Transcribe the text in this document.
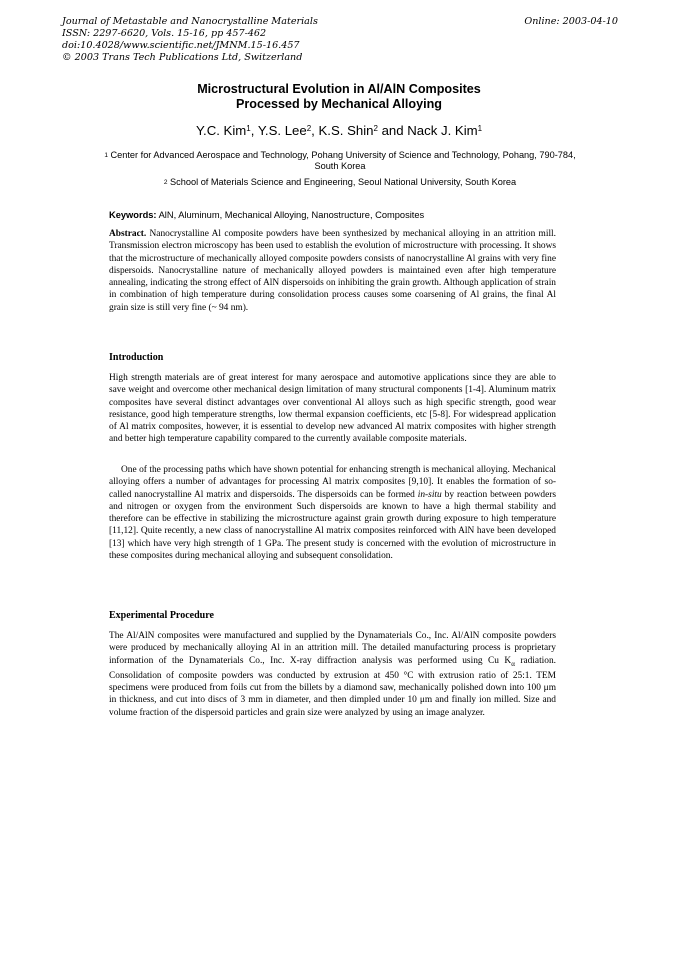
Journal of Metastable and Nanocrystalline Materials
ISSN: 2297-6620, Vols. 15-16, pp 457-462
doi:10.4028/www.scientific.net/JMNM.15-16.457
© 2003 Trans Tech Publications Ltd, Switzerland
Online: 2003-04-10
Microstructural Evolution in Al/AlN Composites
Processed by Mechanical Alloying
Y.C. Kim$^1$, Y.S. Lee$^2$, K.S. Shin$^2$ and Nack J. Kim$^1$
$^1$ Center for Advanced Aerospace and Technology, Pohang University of Science and Technology, Pohang, 790-784, South Korea
$^2$ School of Materials Science and Engineering, Seoul National University, South Korea
Keywords: AlN, Aluminum, Mechanical Alloying, Nanostructure, Composites
Abstract. Nanocrystalline Al composite powders have been synthesized by mechanical alloying in an attrition mill. Transmission electron microscopy has been used to establish the evolution of microstructure with processing. It shows that the microstructure of mechanically alloyed composite powders consists of nanocrystalline Al grains with very fine dispersoids. Nanocrystalline nature of mechanically alloyed powders is maintained even after high temperature annealing, indicating the strong effect of AlN dispersoids on inhibiting the grain growth. Although application of strain in combination of high temperature during consolidation process causes some coarsening of Al grains, the final Al grain size is still very fine (~ 94 nm).
Introduction
High strength materials are of great interest for many aerospace and automotive applications since they are able to save weight and overcome other mechanical design limitation of many structural components [1-4]. Aluminum matrix composites have several distinct advantages over conventional Al alloys such as high specific strength, good wear resistance, good high temperature strengths, low thermal expansion coefficients, etc [5-8]. For widespread application of Al matrix composites, however, it is essential to develop new advanced Al matrix composites with higher strength and better high temperature capability compared to the currently available composite materials.
One of the processing paths which have shown potential for enhancing strength is mechanical alloying. Mechanical alloying offers a number of advantages for processing Al matrix composites [9,10]. It enables the formation of so-called nanocrystalline Al matrix and dispersoids. The dispersoids can be formed in-situ by reaction between powders and nitrogen or oxygen from the environment Such dispersoids are known to have a high thermal stability and therefore can be effective in stabilizing the microstructure against grain growth during exposure to high temperature [11,12]. Quite recently, a new class of nanocrystalline Al matrix composites reinforced with AlN have been developed [13] which have very high strength of 1 GPa. The present study is concerned with the evolution of microstructure in these composites during mechanical alloying and subsequent consolidation.
Experimental Procedure
The Al/AlN composites were manufactured and supplied by the Dynamaterials Co., Inc. Al/AlN composite powders were produced by mechanically alloying Al in an attrition mill. The detailed manufacturing process is proprietary information of the Dynamaterials Co., Inc. X-ray diffraction analysis was performed using Cu $K_\alpha$ radiation. Consolidation of composite powders was conducted by extrusion at 450 °C with extrusion ratio of 25:1. TEM specimens were produced from foils cut from the billets by a diamond saw, mechanically polished down into 100 μm in thickness, and cut into discs of 3 mm in diameter, and then dimpled under 10 μm and finally ion milled. Size and volume fraction of the dispersoid particles and grain size were analyzed by using an image analyzer.
